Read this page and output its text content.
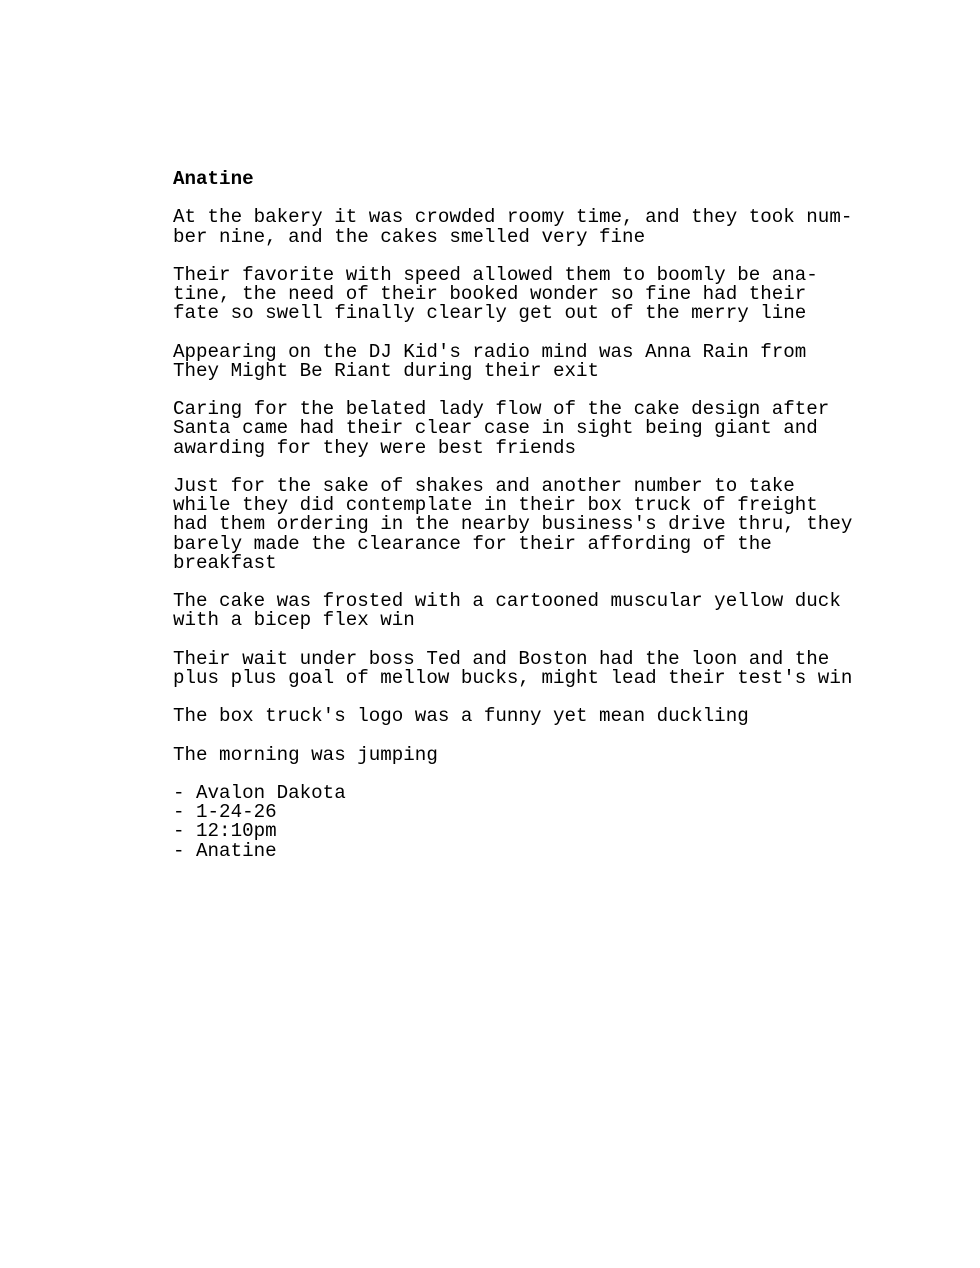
Anatine
At the bakery it was crowded roomy time, and they took num-
ber nine, and the cakes smelled very fine
Their favorite with speed allowed them to boomly be ana-
tine, the need of their booked wonder so fine had their
fate so swell finally clearly get out of the merry line
Appearing on the DJ Kid's radio mind was Anna Rain from
They Might Be Riant during their exit
Caring for the belated lady flow of the cake design after
Santa came had their clear case in sight being giant and
awarding for they were best friends
Just for the sake of shakes and another number to take
while they did contemplate in their box truck of freight
had them ordering in the nearby business's drive thru, they
barely made the clearance for their affording of the
breakfast
The cake was frosted with a cartooned muscular yellow duck
with a bicep flex win
Their wait under boss Ted and Boston had the loon and the
plus plus goal of mellow bucks, might lead their test's win
The box truck's logo was a funny yet mean duckling
The morning was jumping
- Avalon Dakota
- 1-24-26
- 12:10pm
- Anatine
